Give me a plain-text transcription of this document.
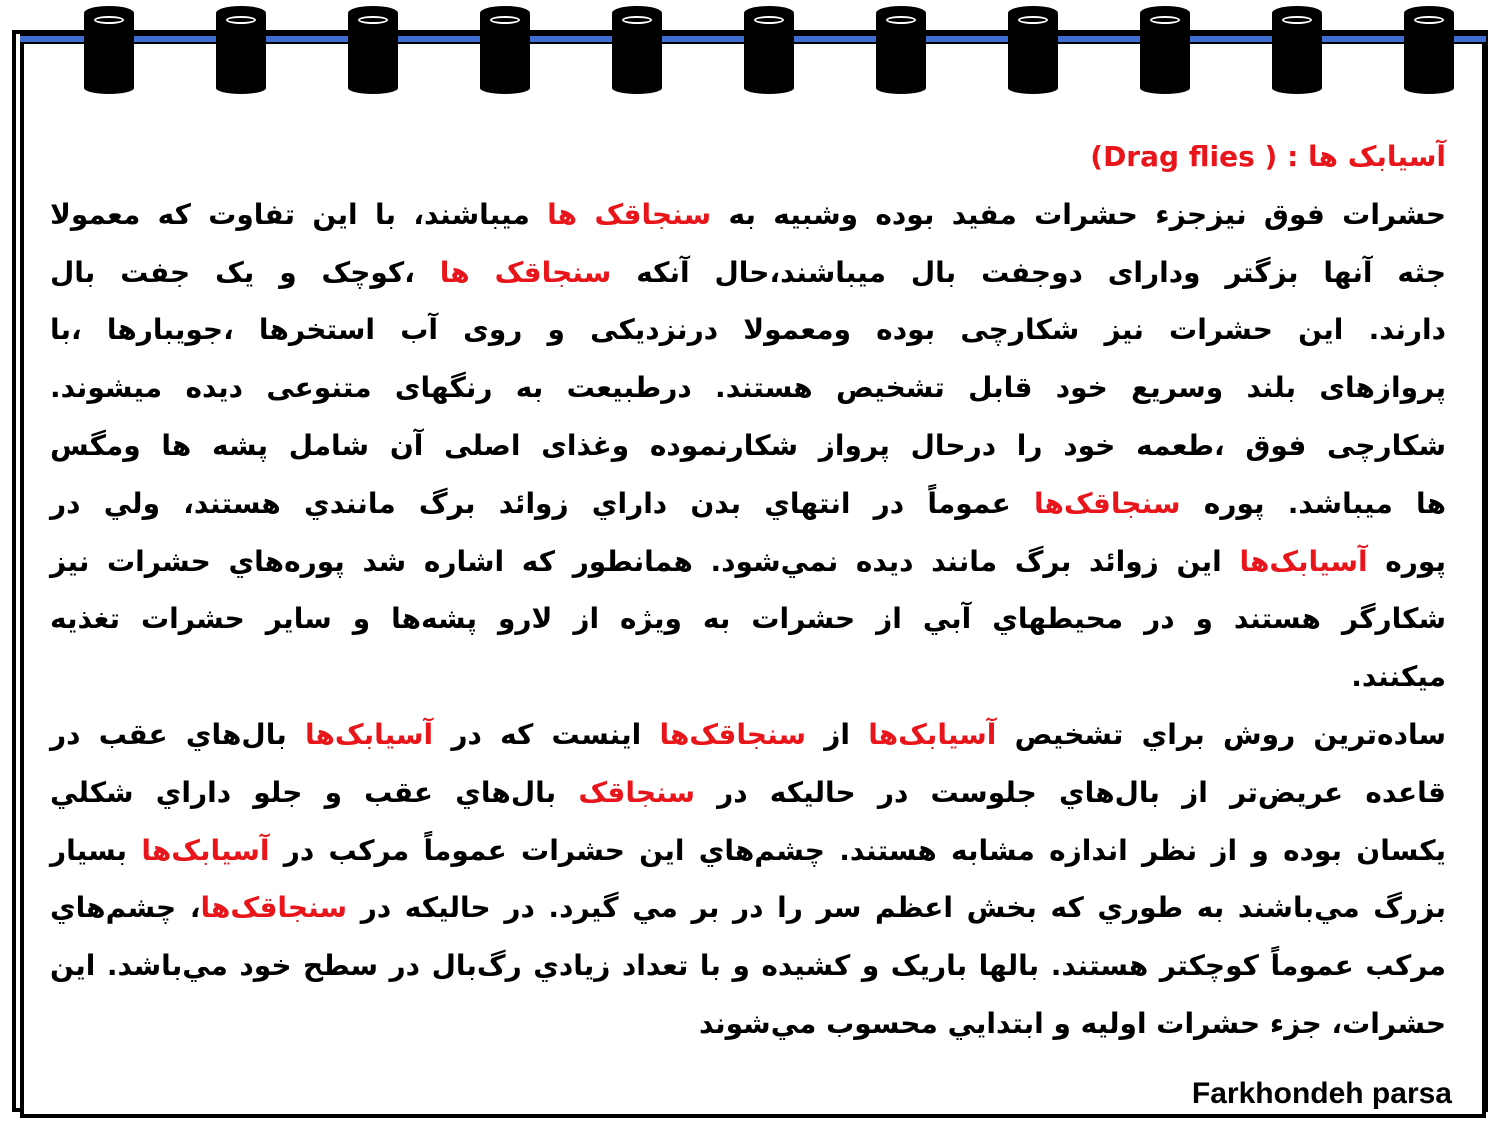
آسيابک ها : ( Drag flies)
حشرات فوق نيزجزء حشرات مفيد بوده وشبيه به سنجاقک ها ميباشند، با اين تفاوت که معمولا
جثه آنها بزگتر ودارای دوجفت بال ميباشند،حال آنکه سنجاقک ها ،کوچک و يک جفت بال
دارند. اين حشرات نيز شکارچی بوده ومعمولا درنزديکی و روی آب استخرها ،جويبارها ،با
پروازهای بلند وسريع خود قابل تشخيص هستند. درطبيعت به رنگهای متنوعی ديده ميشوند.
شکارچی فوق ،طعمه خود را درحال پرواز شکارنموده وغذای اصلی آن شامل پشه ها ومگس
ها ميباشد. پوره سنجاقک‌ها عموماً در انتهاي بدن داراي زوائد برگ مانندي هستند، ولي در
پوره آسيابک‌ها اين زوائد برگ مانند ديده نمي‌شود. همانطور که اشاره شد پوره‌هاي حشرات نيز
شکارگر هستند و در محيطهاي آبي از حشرات به ويژه از لارو پشه‌ها و ساير حشرات تغذيه
ميکنند.
ساده‌ترين روش براي تشخيص آسيابک‌ها از سنجاقک‌ها اينست که در آسيابک‌ها بال‌هاي عقب در
قاعده عريض‌تر از بال‌هاي جلوست در حاليکه در سنجاقک بال‌هاي عقب و جلو داراي شکلي
يکسان بوده و از نظر اندازه مشابه هستند. چشم‌هاي اين حشرات عموماً مرکب در آسيابک‌ها بسيار
بزرگ مي‌باشند به طوري که بخش اعظم سر را در بر مي گيرد. در حاليکه در سنجاقک‌ها، چشم‌هاي
مرکب عموماً کوچکتر هستند. بالها باريک و کشيده و با تعداد زيادي رگ‌بال در سطح خود مي‌باشد. اين
حشرات، جزء حشرات اوليه و ابتدايي محسوب مي‌شوند
Farkhondeh parsa
